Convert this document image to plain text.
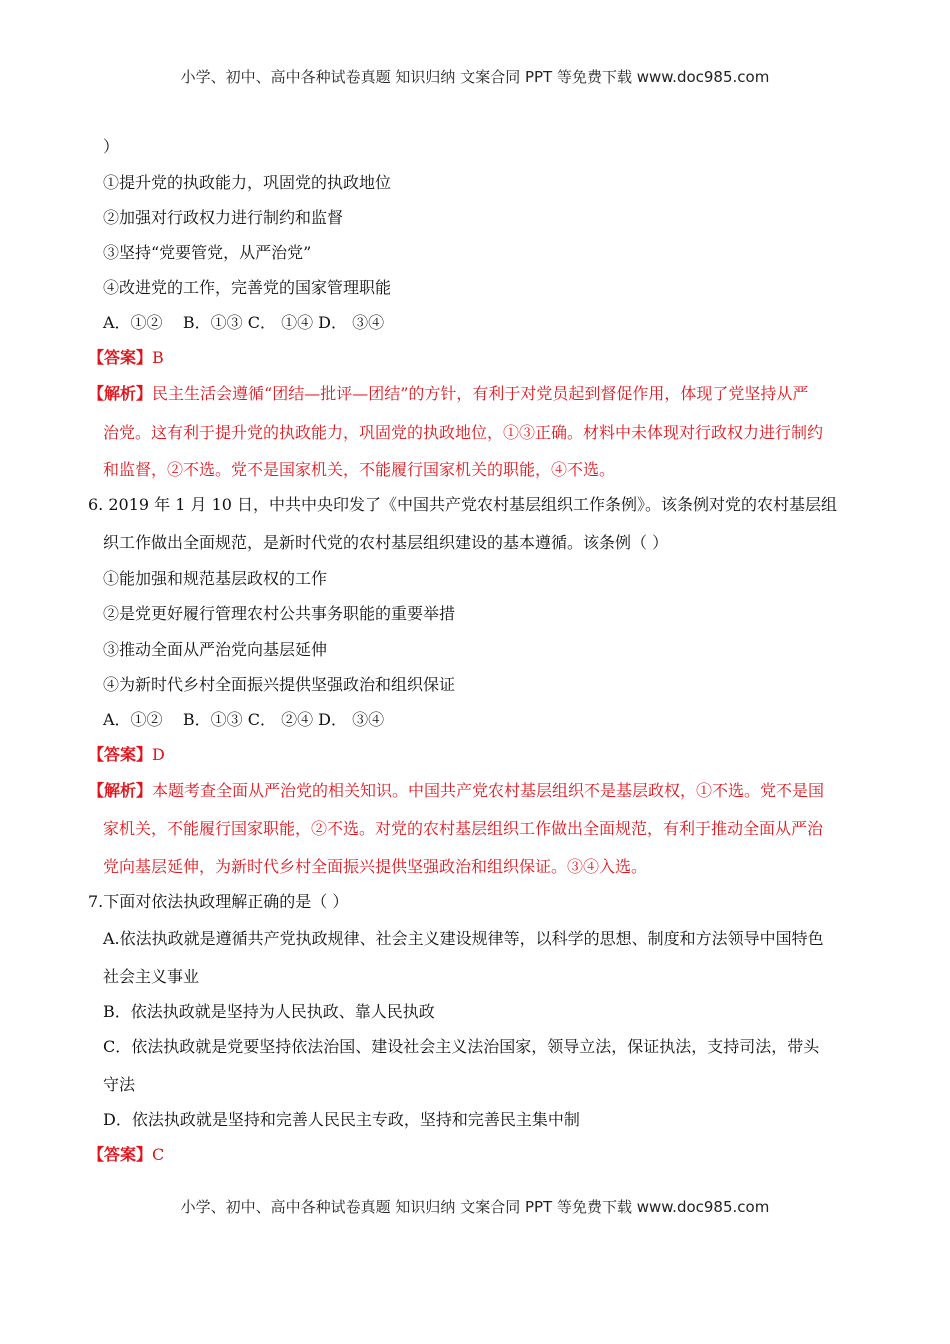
小学、初中、高中各种试卷真题 知识归纳 文案合同 PPT 等免费下载 www.doc985.com
）
①提升党的执政能力，巩固党的执政地位
②加强对行政权力进行制约和监督
③坚持“党要管党，从严治党”
④改进党的工作，完善党的国家管理职能
A．①②    B．①③ C． ①④ D． ③④
【答案】B
【解析】民主生活会遵循“团结—批评—团结”的方针，有利于对党员起到督促作用，体现了党坚持从严
治党。这有利于提升党的执政能力，巩固党的执政地位，①③正确。材料中未体现对行政权力进行制约
和监督，②不选。党不是国家机关，不能履行国家机关的职能，④不选。
6. 2019 年 1 月 10 日，中共中央印发了《中国共产党农村基层组织工作条例》。该条例对党的农村基层组
织工作做出全面规范，是新时代党的农村基层组织建设的基本遵循。该条例（ ）
①能加强和规范基层政权的工作
②是党更好履行管理农村公共事务职能的重要举措
③推动全面从严治党向基层延伸
④为新时代乡村全面振兴提供坚强政治和组织保证
A．①②    B．①③ C． ②④ D． ③④
【答案】D
【解析】本题考查全面从严治党的相关知识。中国共产党农村基层组织不是基层政权，①不选。党不是国
家机关，不能履行国家职能，②不选。对党的农村基层组织工作做出全面规范，有利于推动全面从严治
党向基层延伸，为新时代乡村全面振兴提供坚强政治和组织保证。③④入选。
7.下面对依法执政理解正确的是（ ）
A.依法执政就是遵循共产党执政规律、社会主义建设规律等，以科学的思想、制度和方法领导中国特色
社会主义事业
B．依法执政就是坚持为人民执政、靠人民执政
C．依法执政就是党要坚持依法治国、建设社会主义法治国家，领导立法，保证执法，支持司法，带头
守法
D．依法执政就是坚持和完善人民民主专政，坚持和完善民主集中制
【答案】C
小学、初中、高中各种试卷真题 知识归纳 文案合同 PPT 等免费下载 www.doc985.com
